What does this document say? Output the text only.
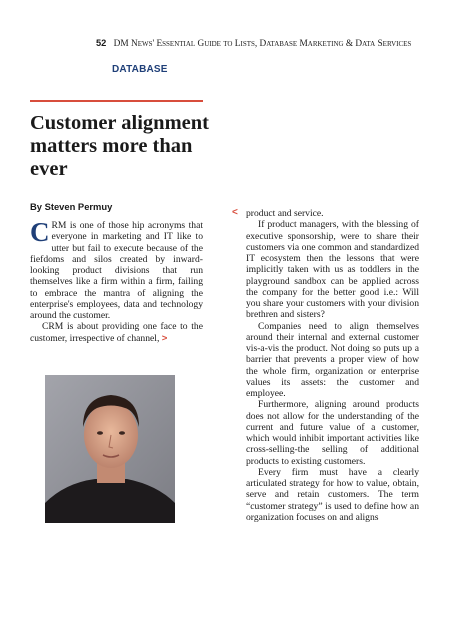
52 DM News' Essential Guide to Lists, Database Marketing & Data Services
DATABASE
Customer alignment matters more than ever
By Steven Permuy

CRM is one of those hip acronyms that everyone in marketing and IT like to utter but fail to execute because of the fiefdoms and silos created by inward-looking product divisions that run themselves like a firm within a firm, failing to embrace the mantra of aligning the enterprise's employees, data and technology around the customer.

CRM is about providing one face to the customer, irrespective of channel, >

< product and service.

If product managers, with the blessing of executive sponsorship, were to share their customers via one common and standardized IT ecosystem then the lessons that were implicitly taken with us as toddlers in the playground sandbox can be applied across the company for the better good i.e.: Will you share your customers with your division brethren and sisters?

Companies need to align themselves around their internal and external customer vis-a-vis the product. Not doing so puts up a barrier that prevents a proper view of how the whole firm, organization or enterprise values its assets: the customer and employee.

Furthermore, aligning around products does not allow for the understanding of the current and future value of a customer, which would inhibit important activities like cross-selling-the selling of additional products to existing customers.

Every firm must have a clearly articulated strategy for how to value, obtain, serve and retain customers. The term “customer strategy” is used to define how an organization focuses on and aligns
